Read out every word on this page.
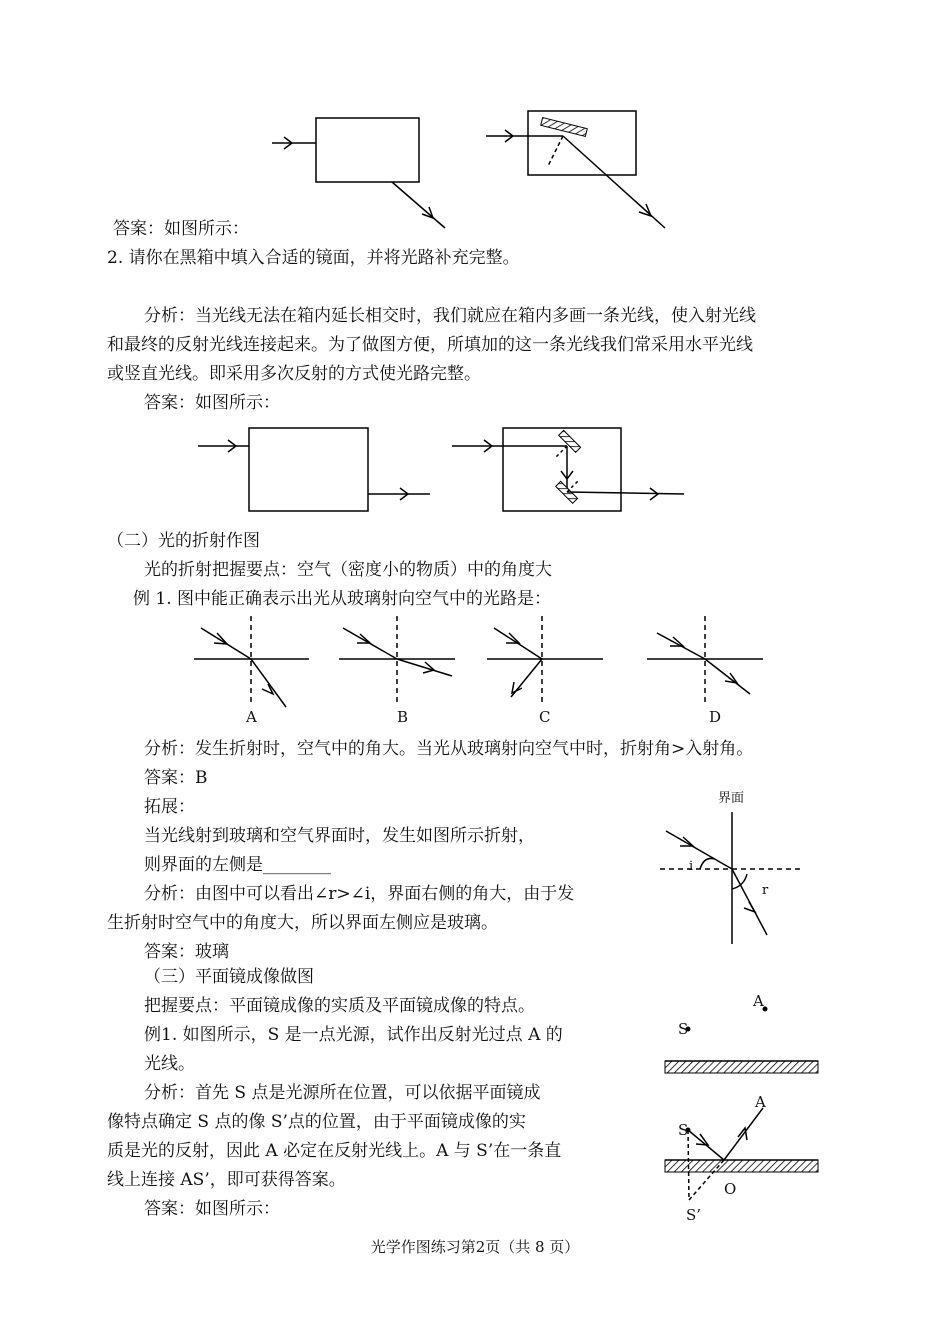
答案：如图所示：
2. 请你在黑箱中填入合适的镜面，并将光路补充完整。
分析：当光线无法在箱内延长相交时，我们就应在箱内多画一条光线，使入射光线
和最终的反射光线连接起来。为了做图方便，所填加的这一条光线我们常采用水平光线
或竖直光线。即采用多次反射的方式使光路完整。
答案：如图所示：
（二）光的折射作图
光的折射把握要点：空气（密度小的物质）中的角度大
例 1. 图中能正确表示出光从玻璃射向空气中的光路是：
A	B	C	D
分析：发生折射时，空气中的角大。当光从玻璃射向空气中时，折射角>入射角。
答案：B
拓展：
当光线射到玻璃和空气界面时，发生如图所示折射，
则界面的左侧是________
分析：由图中可以看出∠r>∠i，界面右侧的角大，由于发
生折射时空气中的角度大，所以界面左侧应是玻璃。
答案：玻璃
界面
i
r
（三）平面镜成像做图
把握要点：平面镜成像的实质及平面镜成像的特点。
例1. 如图所示，S 是一点光源，试作出反射光过点 A 的
光线。
分析：首先 S 点是光源所在位置，可以依据平面镜成
像特点确定 S 点的像 S’点的位置，由于平面镜成像的实
质是光的反射，因此 A 必定在反射光线上。A 与 S’在一条直
线上连接 AS’，即可获得答案。
答案：如图所示：
A
S
A
S
O
S’
光学作图练习第2页（共 8 页）
